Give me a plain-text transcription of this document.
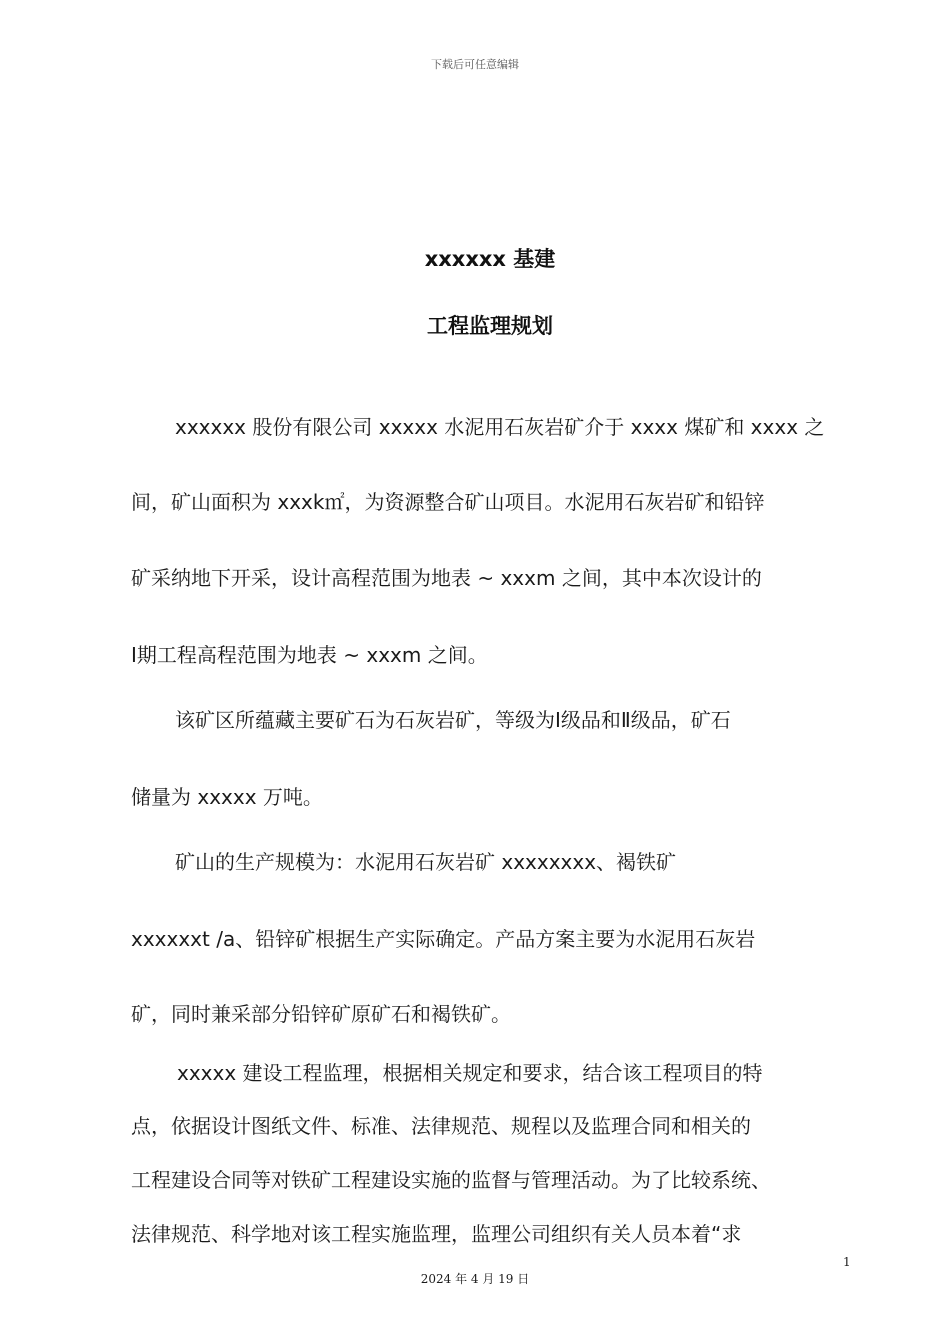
下载后可任意编辑
xxxxxx 基建
工程监理规划
xxxxxx 股份有限公司 xxxxx 水泥用石灰岩矿介于 xxxx 煤矿和 xxxx 之
间，矿山面积为 xxxk㎡，为资源整合矿山项目。水泥用石灰岩矿和铅锌
矿采纳地下开采，设计高程范围为地表 ~ xxxm 之间，其中本次设计的
Ⅰ期工程高程范围为地表 ~ xxxm 之间。
该矿区所蕴藏主要矿石为石灰岩矿，等级为Ⅰ级品和Ⅱ级品，矿石
储量为 xxxxx 万吨。
矿山的生产规模为：水泥用石灰岩矿 xxxxxxxx、褐铁矿
xxxxxxt /a、铅锌矿根据生产实际确定。产品方案主要为水泥用石灰岩
矿，同时兼采部分铅锌矿原矿石和褐铁矿。
xxxxx 建设工程监理，根据相关规定和要求，结合该工程项目的特
点，依据设计图纸文件、标准、法律规范、规程以及监理合同和相关的
工程建设合同等对铁矿工程建设实施的监督与管理活动。为了比较系统、
法律规范、科学地对该工程实施监理，监理公司组织有关人员本着“求
1
2024 年 4 月 19 日
